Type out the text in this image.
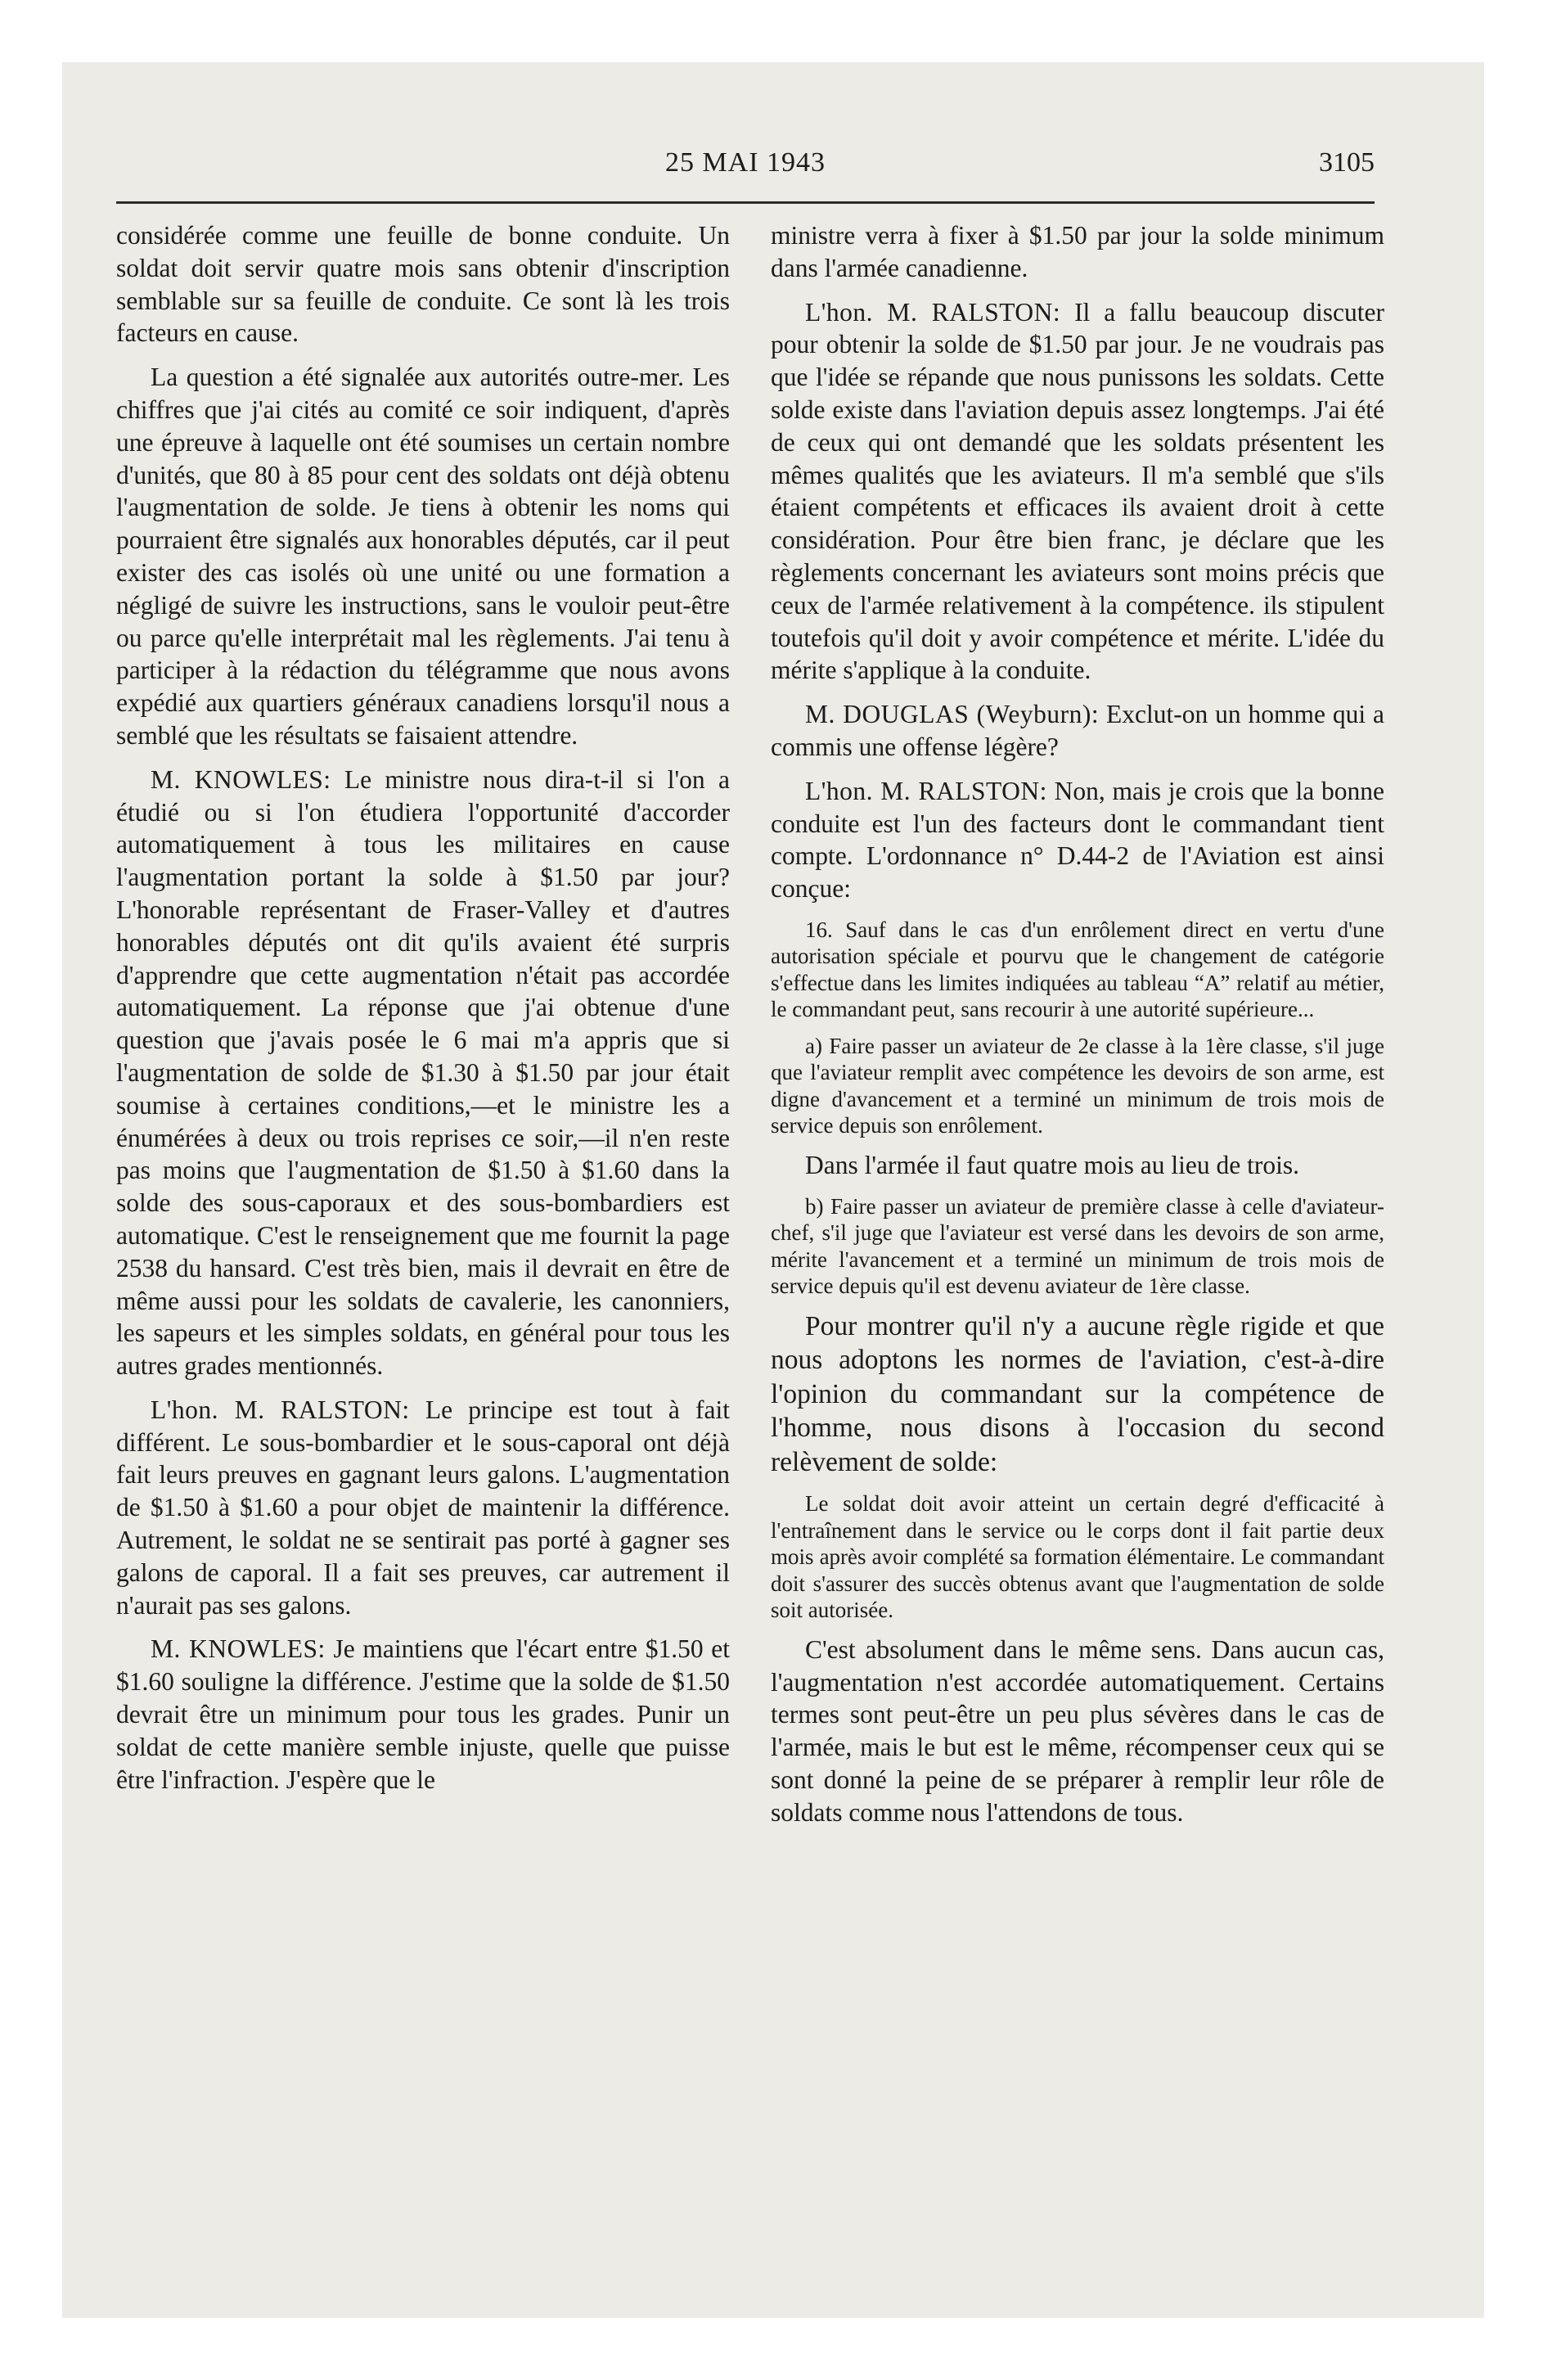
25 MAI 1943	3105

considérée comme une feuille de bonne conduite. Un soldat doit servir quatre mois sans obtenir d'inscription semblable sur sa feuille de conduite. Ce sont là les trois facteurs en cause.

La question a été signalée aux autorités outre-mer. Les chiffres que j'ai cités au comité ce soir indiquent, d'après une épreuve à laquelle ont été soumises un certain nombre d'unités, que 80 à 85 pour cent des soldats ont déjà obtenu l'augmentation de solde. Je tiens à obtenir les noms qui pourraient être signalés aux honorables députés, car il peut exister des cas isolés où une unité ou une formation a négligé de suivre les instructions, sans le vouloir peut-être ou parce qu'elle interprétait mal les règlements. J'ai tenu à participer à la rédaction du télégramme que nous avons expédié aux quartiers généraux canadiens lorsqu'il nous a semblé que les résultats se faisaient attendre.

M. KNOWLES: Le ministre nous dira-t-il si l'on a étudié ou si l'on étudiera l'opportunité d'accorder automatiquement à tous les militaires en cause l'augmentation portant la solde à $1.50 par jour? L'honorable représentant de Fraser-Valley et d'autres honorables députés ont dit qu'ils avaient été surpris d'apprendre que cette augmentation n'était pas accordée automatiquement. La réponse que j'ai obtenue d'une question que j'avais posée le 6 mai m'a appris que si l'augmentation de solde de $1.30 à $1.50 par jour était soumise à certaines conditions,—et le ministre les a énumérées à deux ou trois reprises ce soir,—il n'en reste pas moins que l'augmentation de $1.50 à $1.60 dans la solde des sous-caporaux et des sous-bombardiers est automatique. C'est le renseignement que me fournit la page 2538 du hansard. C'est très bien, mais il devrait en être de même aussi pour les soldats de cavalerie, les canonniers, les sapeurs et les simples soldats, en général pour tous les autres grades mentionnés.

L'hon. M. RALSTON: Le principe est tout à fait différent. Le sous-bombardier et le sous-caporal ont déjà fait leurs preuves en gagnant leurs galons. L'augmentation de $1.50 à $1.60 a pour objet de maintenir la différence. Autrement, le soldat ne se sentirait pas porté à gagner ses galons de caporal. Il a fait ses preuves, car autrement il n'aurait pas ses galons.

M. KNOWLES: Je maintiens que l'écart entre $1.50 et $1.60 souligne la différence. J'estime que la solde de $1.50 devrait être un minimum pour tous les grades. Punir un soldat de cette manière semble injuste, quelle que puisse être l'infraction. J'espère que le

ministre verra à fixer à $1.50 par jour la solde minimum dans l'armée canadienne.

L'hon. M. RALSTON: Il a fallu beaucoup discuter pour obtenir la solde de $1.50 par jour. Je ne voudrais pas que l'idée se répande que nous punissons les soldats. Cette solde existe dans l'aviation depuis assez longtemps. J'ai été de ceux qui ont demandé que les soldats présentent les mêmes qualités que les aviateurs. Il m'a semblé que s'ils étaient compétents et efficaces ils avaient droit à cette considération. Pour être bien franc, je déclare que les règlements concernant les aviateurs sont moins précis que ceux de l'armée relativement à la compétence. ils stipulent toutefois qu'il doit y avoir compétence et mérite. L'idée du mérite s'applique à la conduite.

M. DOUGLAS (Weyburn): Exclut-on un homme qui a commis une offense légère?

L'hon. M. RALSTON: Non, mais je crois que la bonne conduite est l'un des facteurs dont le commandant tient compte. L'ordonnance n° D.44-2 de l'Aviation est ainsi conçue:

16. Sauf dans le cas d'un enrôlement direct en vertu d'une autorisation spéciale et pourvu que le changement de catégorie s'effectue dans les limites indiquées au tableau “A” relatif au métier, le commandant peut, sans recourir à une autorité supérieure...

a) Faire passer un aviateur de 2e classe à la 1ère classe, s'il juge que l'aviateur remplit avec compétence les devoirs de son arme, est digne d'avancement et a terminé un minimum de trois mois de service depuis son enrôlement.

Dans l'armée il faut quatre mois au lieu de trois.

b) Faire passer un aviateur de première classe à celle d'aviateur-chef, s'il juge que l'aviateur est versé dans les devoirs de son arme, mérite l'avancement et a terminé un minimum de trois mois de service depuis qu'il est devenu aviateur de 1ère classe.

Pour montrer qu'il n'y a aucune règle rigide et que nous adoptons les normes de l'aviation, c'est-à-dire l'opinion du commandant sur la compétence de l'homme, nous disons à l'occasion du second relèvement de solde:

Le soldat doit avoir atteint un certain degré d'efficacité à l'entraînement dans le service ou le corps dont il fait partie deux mois après avoir complété sa formation élémentaire. Le commandant doit s'assurer des succès obtenus avant que l'augmentation de solde soit autorisée.

C'est absolument dans le même sens. Dans aucun cas, l'augmentation n'est accordée automatiquement. Certains termes sont peut-être un peu plus sévères dans le cas de l'armée, mais le but est le même, récompenser ceux qui se sont donné la peine de se préparer à remplir leur rôle de soldats comme nous l'attendons de tous.
